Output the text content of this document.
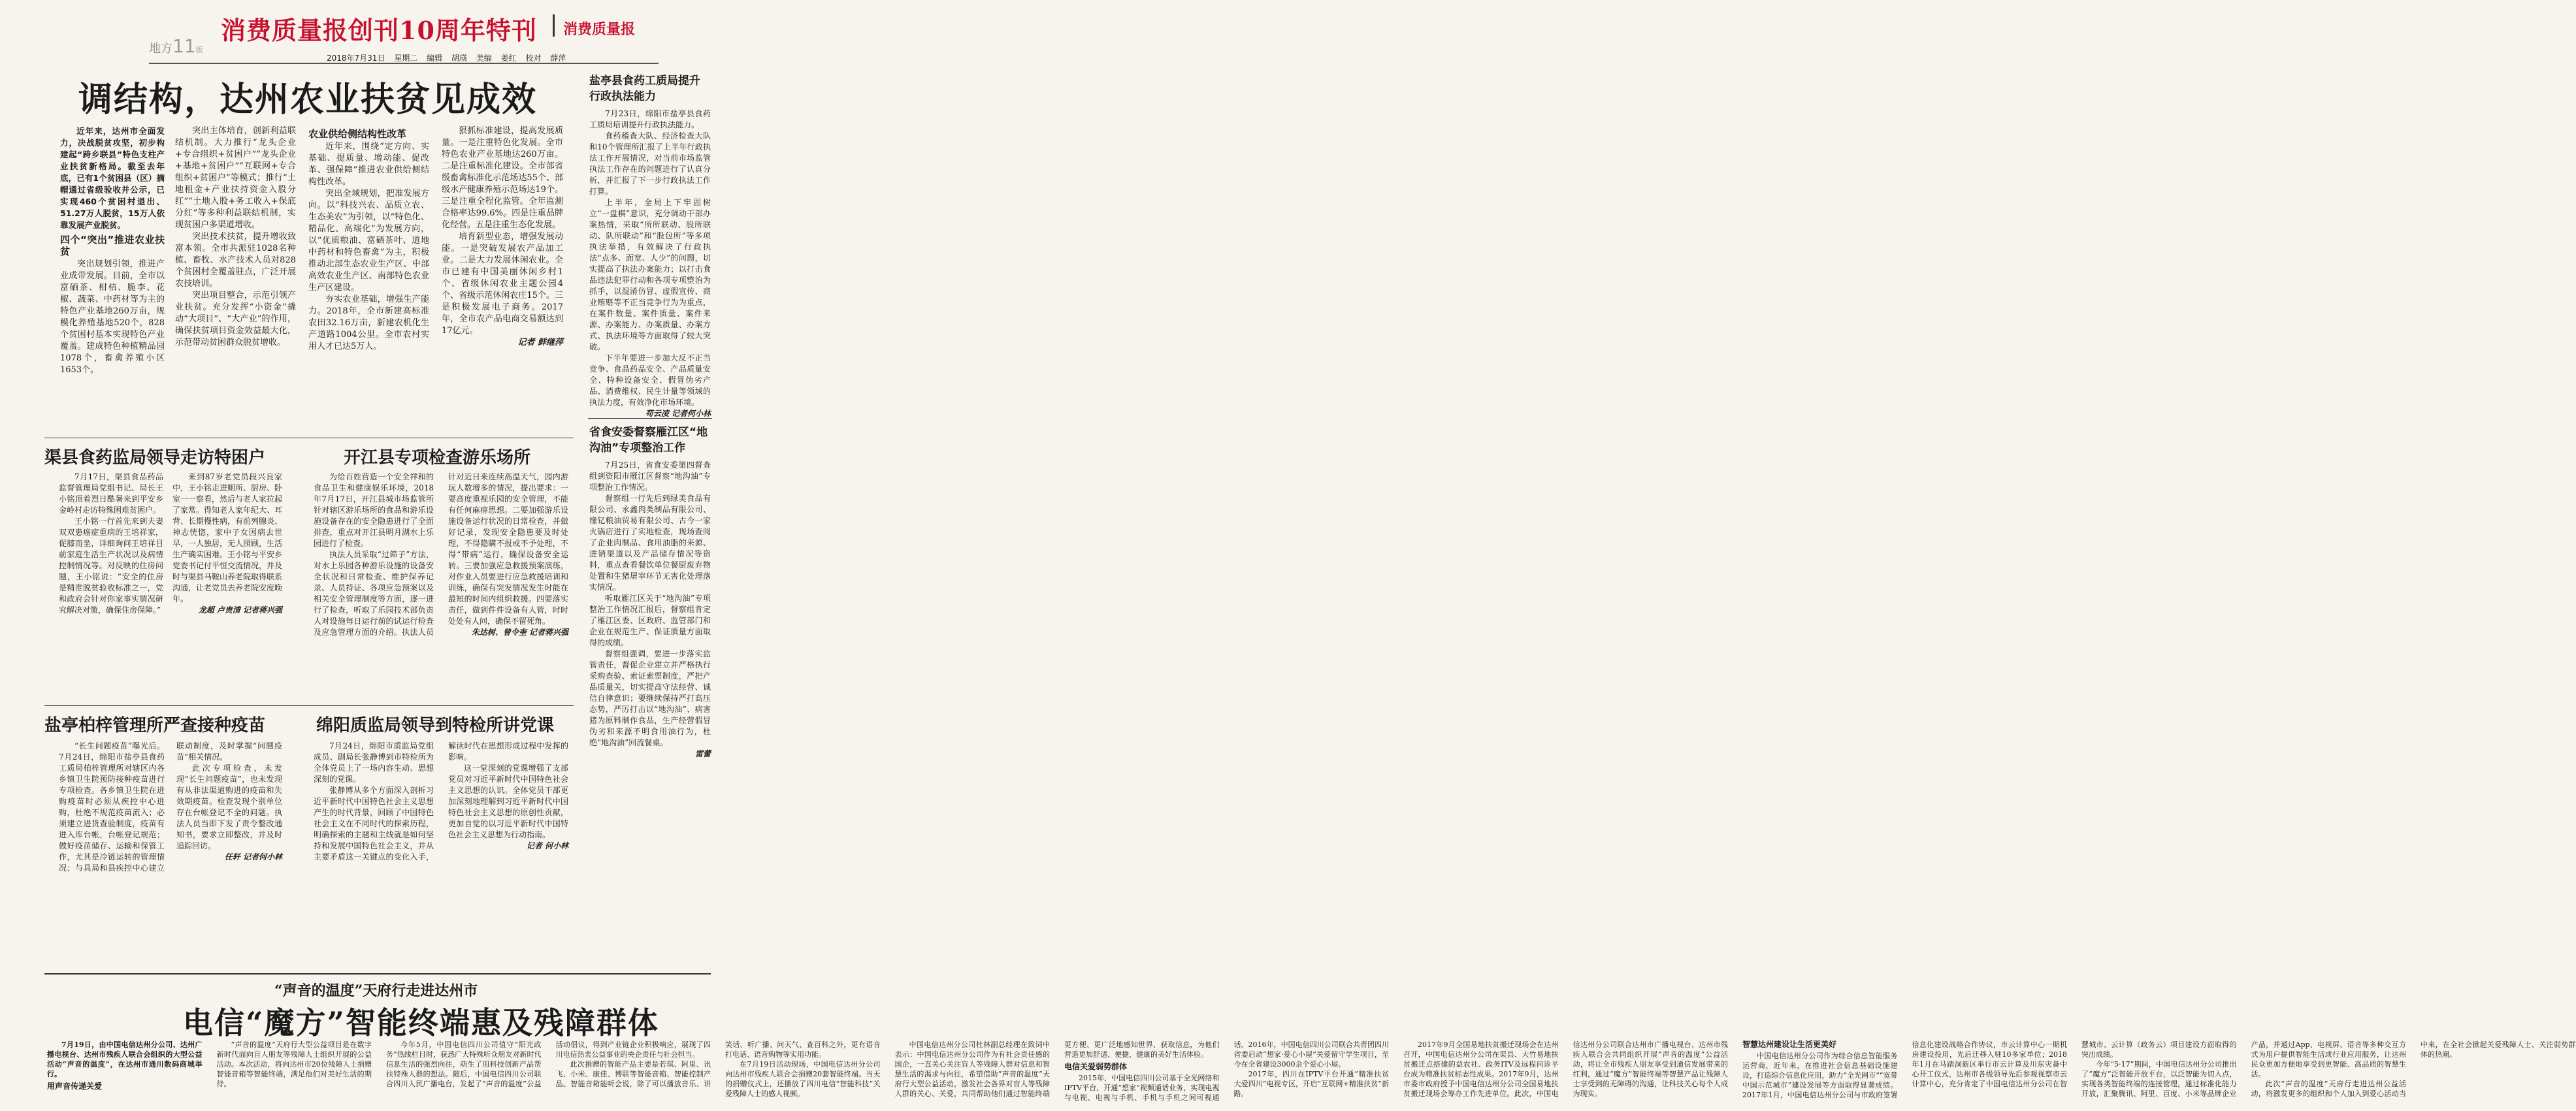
消费质量报创刊10周年特刊 消费质量报
地方11版
2018年7月31日 星期二 编辑 胡瑛 美编 姜红 校对 薛萍
调结构，达州农业扶贫见成效

近年来，达州市全面发力，决战脱贫攻坚，初步构建起“跨乡联县”特色支柱产业扶贫新格局。截至去年底，已有1个贫困县（区）摘帽通过省级验收并公示，已实现460个贫困村退出、51.27万人脱贫，15万人依靠发展产业脱贫。

四个“突出”推进农业扶贫

突出规划引领，推进产业成带发展。目前，全市以富硒茶、柑桔、脆李、花椒、蔬菜、中药材等为主的特色产业基地260万亩，规模化养殖基地520个，828个贫困村基本实现特色产业覆盖。建成特色种植精品园1078个，畜禽养殖小区1653个。

突出主体培育，创新利益联结机制。大力推行“龙头企业+专合组织+贫困户”“龙头企业+基地+贫困户”“互联网+专合组织+贫困户”等模式；推行“土地租金+产业扶持资金入股分红”“土地入股+务工收入+保底分红”等多种利益联结机制，实现贫困户多渠道增收。

突出技术扶贫，提升增收致富本领。全市共派驻1028名种植、畜牧、水产技术人员对828个贫困村全覆盖驻点，广泛开展农技培训。

突出项目整合，示范引领产业扶贫。充分发挥“小资金”撬动“大项目”、“大产业”的作用，确保扶贫项目资金效益最大化，示范带动贫困群众脱贫增收。

农业供给侧结构性改革

近年来，围绕“定方向、实基础、提质量、增动能、促改革、强保障”推进农业供给侧结构性改革。

突出全域规划，把准发展方向。以“科技兴农、品质立农、生态美农”为引领，以“特色化、精品化、高端化”为发展方向，以“优质粮油、富硒茶叶、道地中药材和特色畜禽”为主，积极推动北部生态农业生产区、中部高效农业生产区、南部特色农业生产区建设。

夯实农业基础，增强生产能力。2018年，全市新建高标准农田32.16万亩，新建农机化生产道路1004公里。全市农村实用人才已达5万人。

狠抓标准建设，提高发展质量。一是注重特色化发展。全市特色农业产业基地达260万亩。二是注重标准化建设。全市部省级畜禽标准化示范场达55个、部级水产健康养殖示范场达19个。三是注重全程化监管。全年监测合格率达99.6%。四是注重品牌化经营。五是注重生态化发展。

培育新型业态，增强发展动能。一是突破发展农产品加工业。二是大力发展休闲农业。全市已建有中国美丽休闲乡村1个、省级休闲农业主题公园4个、省级示范休闲农庄15个。三是积极发展电子商务。2017年，全市农产品电商交易额达到17亿元。

记者 鲜继萍
盐亭县食药工质局提升行政执法能力

7月23日，绵阳市盐亭县食药工质局培训提升行政执法能力。

食药稽查大队、经济检查大队和10个管理所汇报了上半年行政执法工作开展情况，对当前市场监管执法工作存在的问题进行了认真分析，并汇报了下一步行政执法工作打算。

上半年，全局上下牢固树立“一盘棋”意识，充分调动干部办案热情，采取“所所联动、股所联动、队所联动”和“股包所”等多项执法举措，有效解决了行政执法“点多、面宽、人少”的问题，切实提高了执法办案能力；以打击食品违法犯罪行动和各项专项整治为抓手，以混淆仿冒、虚假宣传、商业贿赂等不正当竞争行为为重点，在案件数量、案件质量、案件来源、办案能力、办案质量、办案方式、执法环境等方面取得了较大突破。

下半年要进一步加大反不正当竞争、食品药品安全、产品质量安全、特种设备安全、假冒伪劣产品、消费维权、民生计量等领域的执法力度，有效净化市场环境。

苟云凌 记者何小林
省食安委督察雁江区“地沟油”专项整治工作

7月25日，省食安委第四督查组到资阳市雁江区督察“地沟油”专项整治工作情况。

督察组一行先后到绿美食品有限公司、永鑫肉类制品有限公司、缘钇粮油贸易有限公司、古今一家火锅店进行了实地检查，现场查阅了企业肉制品、食用油脂的来源、进销渠道以及产品储存情况等资料，重点查看餐饮单位餐厨废弃物处置和生猪屠宰环节无害化处理落实情况。

听取雁江区关于“地沟油”专项整治工作情况汇报后，督察组肯定了雁江区委、区政府、监管部门和企业在规范生产、保证质量方面取得的成绩。

督察组强调，要进一步落实监管责任，督促企业建立并严格执行采购查验、索证索票制度，严把产品质量关，切实提高守法经营、诚信自律意识；要继续保持严打高压态势，严厉打击以“地沟油”、病害猪为原料制作食品，生产经营假冒伪劣和来源不明食用油行为，杜绝“地沟油”回流餐桌。

雷蕾
渠县食药监局领导走访特困户

7月17日，渠县食品药品监督管理局党组书记、局长王小铭顶着烈日酷暑来到平安乡金岭村走访特殊困难贫困户。

王小铭一行首先来到夫妻双双患癌症重病的王培祥家，促膝而坐，详细询问王培祥目前家庭生活生产状况以及病情控制情况等。对反映的住房问题，王小铭说：“安全的住房是精准脱贫验收标准之一，党和政府会针对你家事实情况研究解决对策，确保住房保障。”

来到87岁老党员段兴良家中，王小铭走进厕所、厨房、卧室一一察看，然后与老人家拉起了家常。得知老人家年纪大、耳背、长期慢性病，有前列腺炎、神志恍惚，家中子女因病去世早，一人独居，无人照顾，生活生产确实困难。王小铭与平安乡党委书记付平恒交流情况，并及时与渠县马鞍山养老院取得联系沟通，让老党员去养老院安度晚年。

龙超 卢贵清 记者蒋兴强
开江县专项检查游乐场所

为给百姓营造一个安全祥和的食品卫生和健康娱乐环境，2018年7月17日，开江县城市场监管所针对辖区游乐场所的食品和游乐设施设备存在的安全隐患进行了全面排查，重点对开江县明月湖水上乐园进行了检查。

执法人员采取“过筛子”方法，对水上乐园各种游乐设施的设备安全状况和日常检查、维护保养记录、人员持证、各项应急预案以及相关安全管理制度等方面，逐一进行了检查，听取了乐园技术部负责人对设施每日运行前的试运行检查及应急管理方面的介绍。执法人员针对近日来连续高温天气，园内游玩人数增多的情况，提出要求：一要高度重视乐园的安全管理，不能有任何麻痹思想。二要加强游乐设施设备运行状况的日常检查，并做好记录，发现安全隐患要及时处理，不得隐瞒不报或不予处理，不得“带病”运行，确保设备安全运转。三要加强应急救援预案演练，对作业人员要进行应急救援培训和训练，确保有突发情况发生时能在最短的时间内组织救援。四要落实责任，做到件件设备有人管，时时处处有人问，确保不留死角。

朱达树、曾令奎 记者蒋兴强
盐亭柏梓管理所严查接种疫苗

“长生问题疫苗”曝光后。7月24日，绵阳市盐亭县食药工质局柏梓管理所对辖区内各乡镇卫生院预防接种疫苗进行专项检查。各乡镇卫生院在进购疫苗时必须从疾控中心进购，杜绝不规范疫苗流入；必须建立进货查验制度，疫苗有进入库台帐，台帐登记规范；做好疫苗储存、运输和保管工作，尤其是冷链运转的管理情况；与具局和县疾控中心建立联动制度，及时掌握“问题疫苗”相关情况。

此次专项检查，未发现“长生问题疫苗”，也未发现有从非法渠道购进的疫苗和失效期疫苗。检查发现个别单位存在台帐登记不全的问题。执法人员当即下发了责令整改通知书，要求立即整改，并及时追踪回访。

任轩 记者何小林
绵阳质监局领导到特检所讲党课

7月24日，绵阳市质监局党组成员、副局长张静博到市特检所为全体党员上了一场内容生动、思想深刻的党课。

张静博从多个方面深入剖析习近平新时代中国特色社会主义思想产生的时代背景，回顾了中国特色社会主义在不同时代的探索历程，明确探索的主题和主线就是如何坚持和发展中国特色社会主义，并从主要矛盾这一关键点的变化入手，解读时代在思想形成过程中发挥的影响。

这一堂深刻的党课增强了支部党员对习近平新时代中国特色社会主义思想的认识。全体党员干部更加深刻地理解到习近平新时代中国特色社会主义思想的原创性贡献，更加自觉的以习近平新时代中国特色社会主义思想为行动指南。

记者 何小林
“声音的温度”天府行走进达州市
电信“魔方”智能终端惠及残障群体

7月19日，由中国电信达州分公司、达州广播电视台、达州市残疾人联合会组织的大型公益活动“声音的温度”，在达州市通川数码商城举行。

用声音传递关爱

“声音的温度”天府行大型公益项目是在数字新时代面向盲人朋友等残障人士组织开展的公益活动。本次活动，将向达州市20位残障人士捐赠智能音箱等智能终端，满足他们对美好生活的期待。

今年5月，中国电信四川公司值守“阳光政务”热线栏目时，获悉广大特殊听众朋友对新时代信息生活的强烈向往，萌生了用科技创新产品帮扶特殊人群的想法。随后，中国电信四川公司联合四川人民广播电台，发起了“声音的温度”公益活动倡议，得到产业链企业积极响应，展现了四川电信热衷公益事业的央企责任与社会担当。

此次捐赠的智能产品主要是若琪、阿里、讯飞、小米、康佳、博联等智能音箱、智能控制产品。智能音箱能听会说，除了可以播放音乐、讲笑话、听广播、问天气、查百科之外，更有语音打电话、语音购物等实用功能。

在7月19日活动现场，中国电信达州分公司向达州市残疾人联合会捐赠20套智能终端。当天的捐赠仪式上，还播放了四川电信“智能科技”关爱残障人士的感人视频。

中国电信达州分公司杜林副总经理在致词中表示：中国电信达州分公司作为有社会责任感的国企，一直关心关注盲人等残障人群对信息和智慧生活的渴求与向往，希望借助“声音的温度”天府行大型公益活动，激发社会各界对盲人等残障人群的关心、关爱，共同帮助他们通过智能终端更方便、更广泛地感知世界、获取信息，为他们营造更加舒适、便捷、健康的美好生活体验。

电信关爱弱势群体

2015年，中国电信四川公司基于全光网络和IPTV平台，开通“想家”视频通话业务，实现电视与电视、电视与手机、手机与手机之间可视通话。2016年，中国电信四川公司联合共青团四川省委启动“想家·爱心小屋”关爱留守学生项目，至今在全省建设3000余个爱心小屋。

2017年，四川在IPTV平台开通“精准扶贫 大爱四川”电视专区，开启“互联网+精准扶贫”新路。

2017年9月全国易地扶贫搬迁现场会在达州召开，中国电信达州分公司在渠县、大竹易地扶贫搬迁点搭建的益农社、政务ITV及远程问诊平台成为精准扶贫标志性成果。2017年9月，达州市委市政府授予中国电信达州分公司全国易地扶贫搬迁现场会筹办工作先进单位。此次，中国电信达州分公司联合达州市广播电视台、达州市残疾人联合会共同组织开展“声音的温度”公益活动，将让全市残疾人朋友享受到通信发展带来的红利，通过“魔方”智能终端等智慧产品让残障人士享受到的无障碍的沟通，让科技关心每个人成为现实。

智慧达州建设让生活更美好

中国电信达州分公司作为综合信息智能服务运营商，近年来，在推进社会信息基础设施建设，打造综合信息化应用，助力“全光网市”“宽带中国示范城市”建设发展等方面取得显著成绩。2017年1月，中国电信达州分公司与市政府签署信息化建设战略合作协议，市云计算中心一期机房建设投用，先后迁移入驻10多家单位；2018年1月在马踏洞新区举行市云计算及川东灾备中心开工仪式，达州市各级领导先后参观视察市云计算中心，充分肯定了中国电信达州分公司在智慧城市、云计算（政务云）项目建设方面取得的突出成绩。

今年“5·17”期间，中国电信达州分公司推出了“魔方”泛智能开放平台，以泛智能为切入点，实现各类智能终端的连接管理，通过标准化能力开放，汇聚腾讯、阿里、百度、小米等品牌企业产品，并通过App、电视屏、语音等多种交互方式为用户提供智能生活或行业应用服务，让达州民众更加方便地享受到更智能、高品质的智慧生活。

此次“声音的温度”天府行走进达州公益活动，将激发更多的组织和个人加入到爱心活动当中来，在全社会掀起关爱残障人士、关注弱势群体的热潮。
